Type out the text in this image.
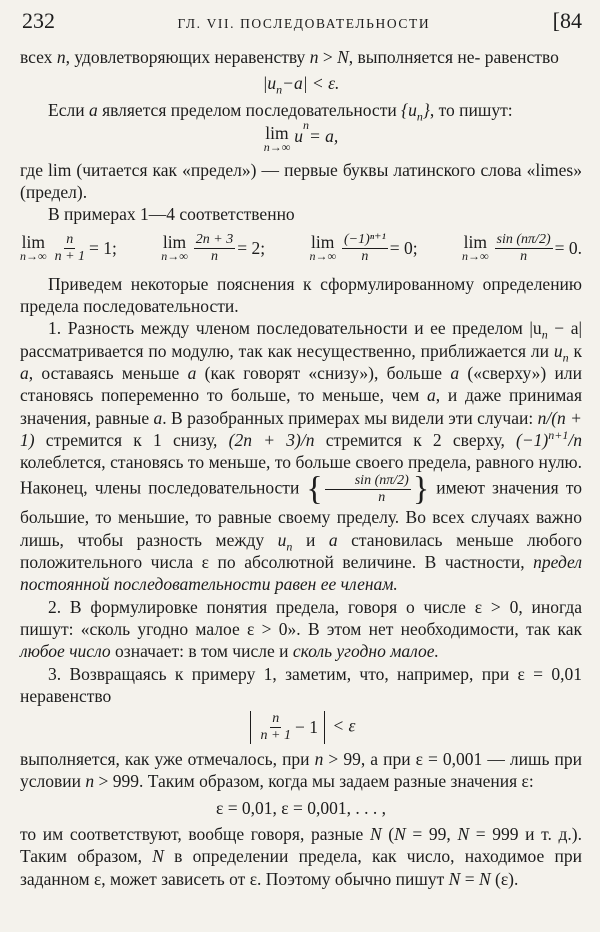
232	ГЛ. VII. ПОСЛЕДОВАТЕЛЬНОСТИ	[84

всех n, удовлетворяющих неравенству n > N, выполняется не- равенство

$|u_n-a| < \varepsilon$.

Если a является пределом последовательности $\{u_n\}$, то пишут:

lim
n→∞
u
n
= a,

где lim (читается как «предел») — первые буквы латинского слова «limes» (предел).

В примерах 1—4 соответственно

lim
$n\to\infty \frac{n}{n + 1} = 1$;	lim
$n\to\infty \frac{2n + 3}{n} = 2$;	lim
$n\to\infty \frac{\text{(−1)ⁿ⁺¹}}{n} = 0$;	lim
$n\to\infty \frac{\sin (n\pi/2)}{n} = 0$.

Приведем некоторые пояснения к сформулированному определению предела последовательности.

1. Разность между членом последовательности и ее пределом $|u_n - a|$ рассматривается по модулю, так как несущественно, приближается ли $u_n$ к a, оставаясь меньше a (как говорят «снизу»), больше a («сверху») или становясь попеременно то больше, то меньше, чем a, и даже принимая значения, равные a. В разобранных примерах мы видели эти случаи: n/(n + 1) стремится к 1 снизу, (2n + 3)/n стремится к 2 сверху, $(-1)^{n+1}/n$ колеблется, становясь то меньше, то больше своего предела, равного нулю. Наконец, члены последовательности { $\frac{\sin (n\pi/2)}{n}$ } имеют значения то большие, то меньшие, то равные своему пределу. Во всех случаях важно лишь, чтобы разность между $u_n$ и a становилась меньше любого положительного числа ε по абсолютной величине. В частности, предел постоянной последовательности равен ее членам.

2. В формулировке понятия предела, говоря о числе ε > 0, иногда пишут: «сколь угодно малое ε > 0». В этом нет необходимости, так как любое число означает: в том числе и сколь угодно малое.

3. Возвращаясь к примеру 1, заметим, что, например, при ε = 0,01 неравенство

n
n + 1 − 1 < ε

выполняется, как уже отмечалось, при n > 99, а при ε = 0,001 — лишь при условии n > 999. Таким образом, когда мы задаем разные значения ε:

ε = 0,01, ε = 0,001, . . . ,

то им соответствуют, вообще говоря, разные N (N = 99, N = 999 и т. д.). Таким образом, N в определении предела, как число, находимое при заданном ε, может зависеть от ε. Поэтому обычно пишут N = N (ε).
